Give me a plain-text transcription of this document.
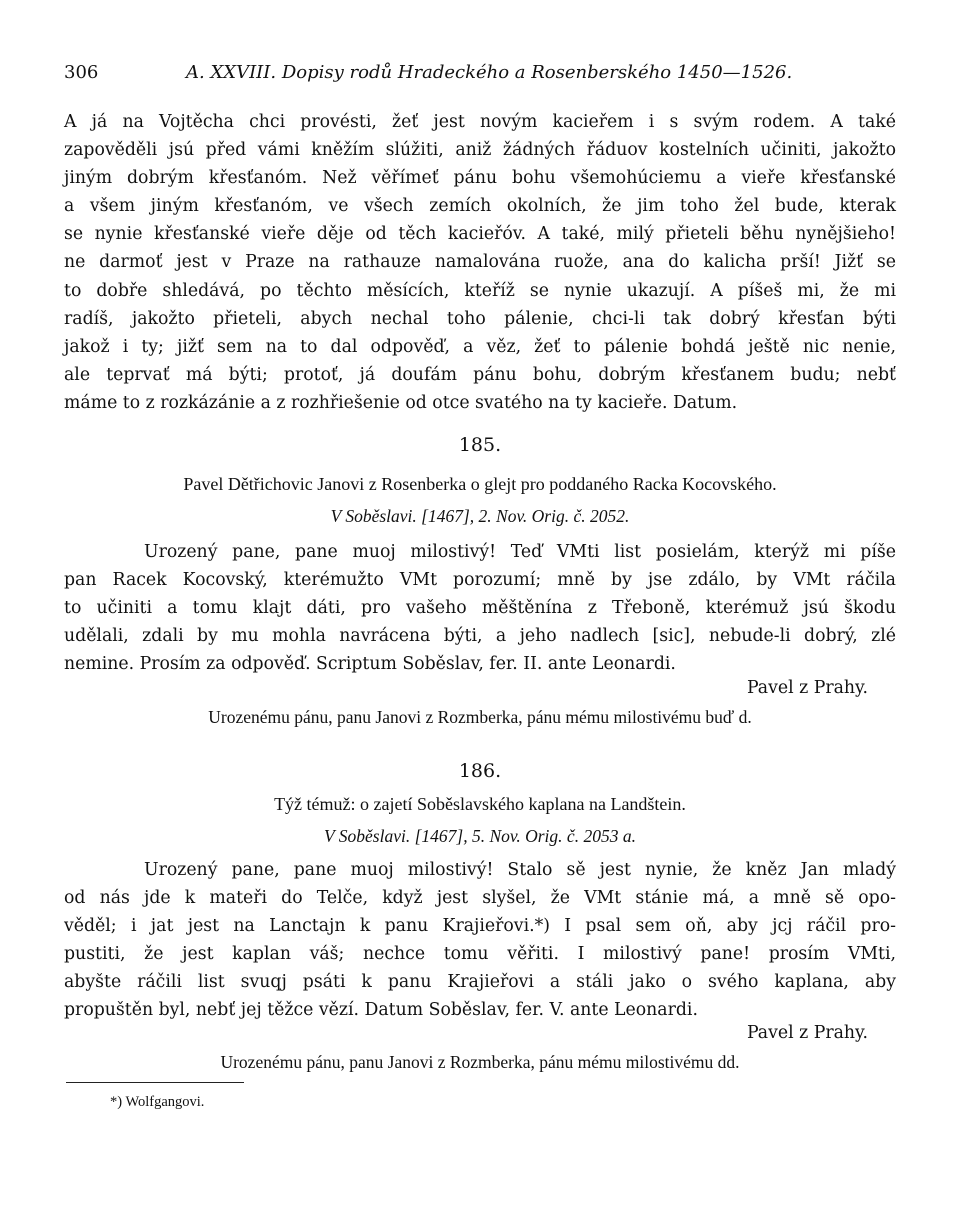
306	A. XXVIII. Dopisy rodů Hradeckého a Rosenberského 1450—1526.

A já na Vojtěcha chci provésti, žeť jest novým kacieřem i s svým rodem. A také
zapověděli jsú před vámi kněžím slúžiti, aniž žádných řáduov kostelních učiniti, jakožto
jiným dobrým křesťanóm. Než věřímeť pánu bohu všemohúciemu a vieře křesťanské
a všem jiným křesťanóm, ve všech zemích okolních, že jim toho žel bude, kterak
se nynie křesťanské vieře děje od těch kacieřóv. A také, milý přieteli běhu nynějšieho!
ne darmoť jest v Praze na rathauze namalována ruože, ana do kalicha prší! Jižť se
to dobře shledává, po těchto měsících, kteříž se nynie ukazují. A píšeš mi, že mi
radíš, jakožto přieteli, abych nechal toho pálenie, chci-li tak dobrý křesťan býti
jakož i ty; jižť sem na to dal odpověď, a věz, žeť to pálenie bohdá ještě nic nenie,
ale teprvať má býti; protoť, já doufám pánu bohu, dobrým křesťanem budu; nebť
máme to z rozkázánie a z rozhřiešenie od otce svatého na ty kacieře. Datum.

185.
Pavel Dětřichovic Janovi z Rosenberka o glejt pro poddaného Racka Kocovského.
V Soběslavi. [1467], 2. Nov. Orig. č. 2052.

Urozený pane, pane muoj milostivý! Teď VMti list posielám, kterýž mi píše
pan Racek Kocovský, kterémužto VMt porozumí; mně by jse zdálo, by VMt ráčila
to učiniti a tomu klajt dáti, pro vašeho měštěnína z Třeboně, kterémuž jsú škodu
udělali, zdali by mu mohla navrácena býti, a jeho nadlech [sic], nebude-li dobrý, zlé
nemine. Prosím za odpověď. Scriptum Soběslav, fer. II. ante Leonardi.

Pavel z Prahy.
Urozenému pánu, panu Janovi z Rozmberka, pánu mému milostivému buď d.
186.
Týž témuž: o zajetí Soběslavského kaplana na Landštein.
V Soběslavi. [1467], 5. Nov. Orig. č. 2053 a.

Urozený pane, pane muoj milostivý! Stalo sě jest nynie, že kněz Jan mladý
od nás jde k mateři do Telče, když jest slyšel, že VMt stánie má, a mně sě opo-
věděl; i jat jest na Lanctajn k panu Krajieřovi.*) I psal sem oň, aby jcj ráčil pro-
pustiti, že jest kaplan váš; nechce tomu věřiti. I milostivý pane! prosím VMti,
abyšte ráčili list svuqj psáti k panu Krajieřovi a stáli jako o svého kaplana, aby
propuštěn byl, nebť jej těžce vězí. Datum Soběslav, fer. V. ante Leonardi.

Pavel z Prahy.
Urozenému pánu, panu Janovi z Rozmberka, pánu mému milostivému dd.
*) Wolfgangovi.
